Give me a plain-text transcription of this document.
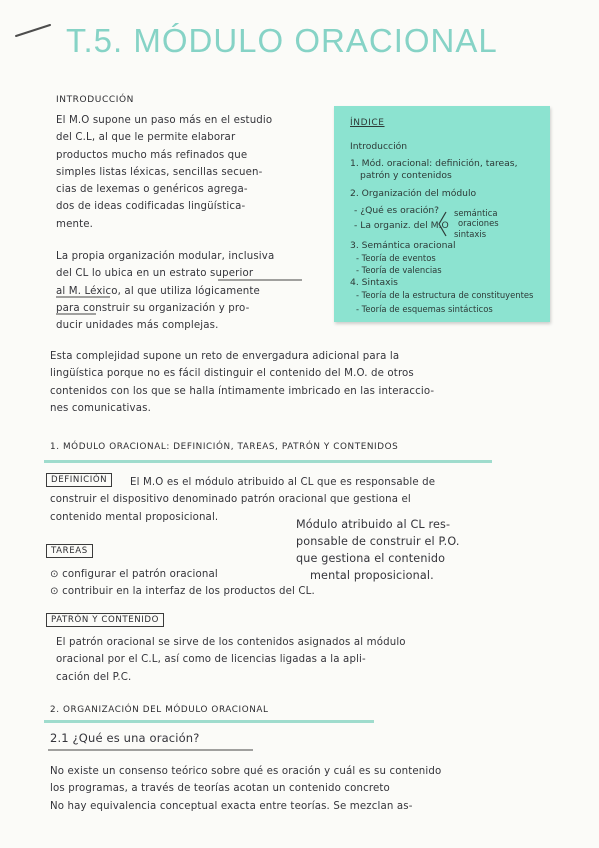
T.5. MÓDULO ORACIONAL
INTRODUCCIÓN
El M.O supone un paso más en el estudio
del C.L, al que le permite elaborar
productos mucho más refinados que
simples listas léxicas, sencillas secuen-
cias de lexemas o genéricos agrega-
dos de ideas codificadas lingüística-
mente.
La propia organización modular, inclusiva
del CL lo ubica en un estrato superior
al M. Léxico, al que utiliza lógicamente
para construir su organización y pro-
ducir unidades más complejas.
ÍNDICE
Introducción
1. Mód. oracional: definición, tareas,
patrón y contenidos
2. Organización del módulo
- ¿Qué es oración?
- La organiz. del M.O
semántica
oraciones
sintaxis
3. Semántica oracional
- Teoría de eventos
- Teoría de valencias
4. Sintaxis
- Teoría de la estructura de constituyentes
- Teoría de esquemas sintácticos
Esta complejidad supone un reto de envergadura adicional para la
lingüística porque no es fácil distinguir el contenido del M.O. de otros
contenidos con los que se halla íntimamente imbricado en las interaccio-
nes comunicativas.
1. MÓDULO ORACIONAL: DEFINICIÓN, TAREAS, PATRÓN Y CONTENIDOS
DEFINICIÓN	El M.O es el módulo atribuido al CL que es responsable de
construir el dispositivo denominado patrón oracional que gestiona el
contenido mental proposicional.
Módulo atribuido al CL res-
ponsable de construir el P.O.
que gestiona el contenido
mental proposicional.
TAREAS
⊙ configurar el patrón oracional
⊙ contribuir en la interfaz de los productos del CL.
PATRÓN Y CONTENIDO
El patrón oracional se sirve de los contenidos asignados al módulo
oracional por el C.L, así como de licencias ligadas a la apli-
cación del P.C.
2. ORGANIZACIÓN DEL MÓDULO ORACIONAL
2.1 ¿Qué es una oración?
No existe un consenso teórico sobre qué es oración y cuál es su contenido
los programas, a través de teorías acotan un contenido concreto
No hay equivalencia conceptual exacta entre teorías. Se mezclan as-
